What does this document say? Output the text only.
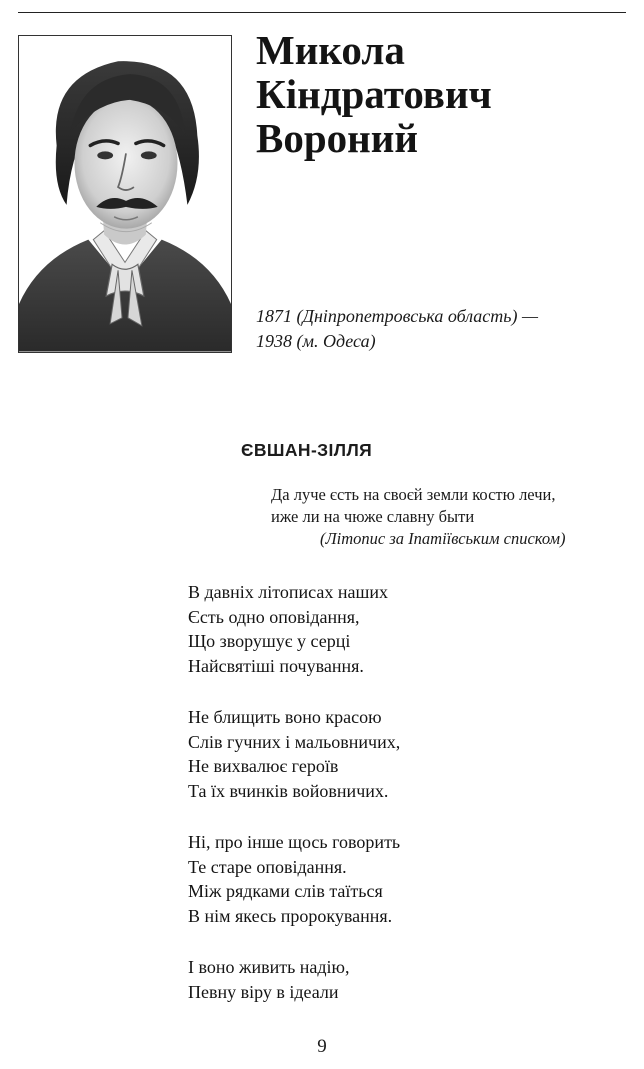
Микола
Кіндратович
Вороний

1871 (Дніпропетровська область) —
1938 (м. Одеса)

ЄВШАН-ЗІЛЛЯ
Да луче єсть на своєй земли костю лечи,
иже ли на чюже славну быти
(Літопис за Іпатіївським списком)
В давніх літописах наших
Єсть одно оповідання,
Що зворушує у серці
Найсвятіші почування.
Не блищить воно красою
Слів гучних і мальовничих,
Не вихвалює героїв
Та їх вчинків войовничих.
Ні, про інше щось говорить
Те старе оповідання.
Між рядками слів таїться
В нім якесь пророкування.
І воно живить надію,
Певну віру в ідеали
9
